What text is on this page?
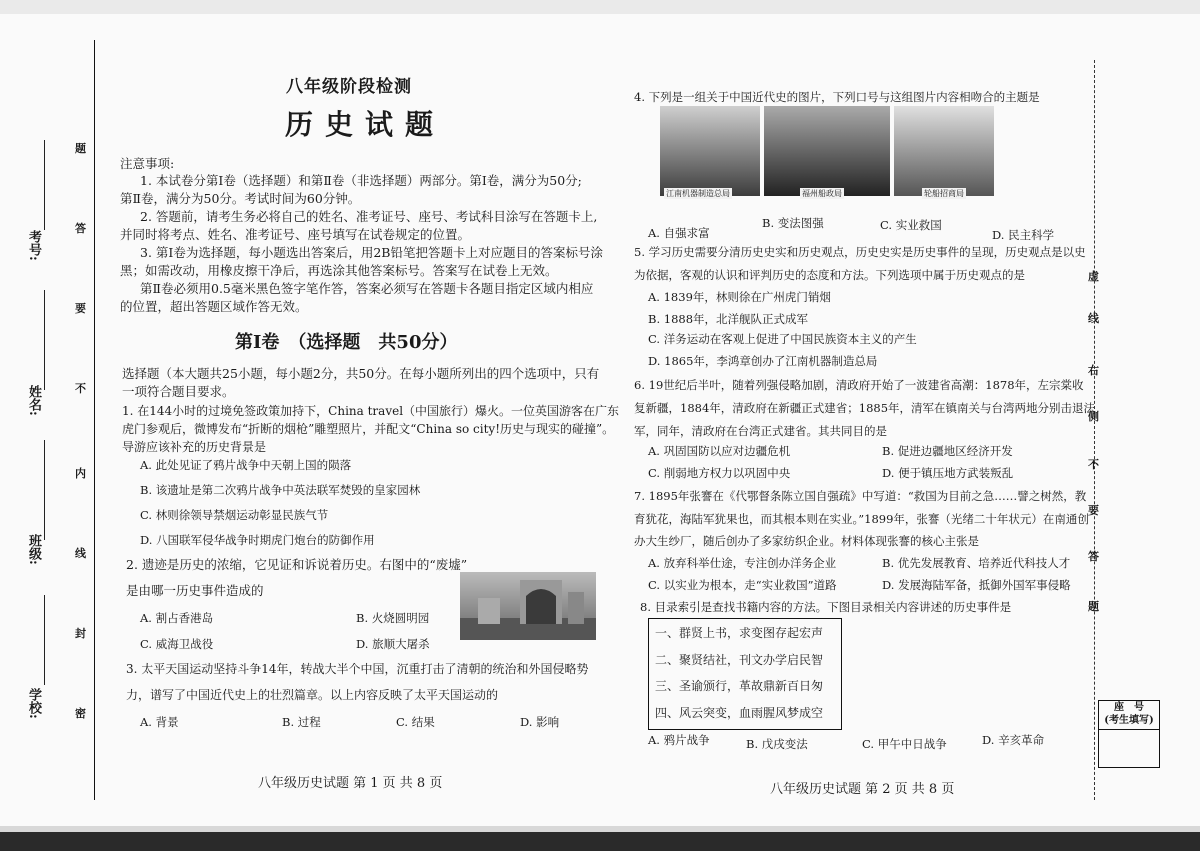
考号:
姓名:
班级:
学校:
题
答
要
不
内
线
封
密
八年级阶段检测
历史试题
注意事项:
1. 本试卷分第Ⅰ卷（选择题）和第Ⅱ卷（非选择题）两部分。第Ⅰ卷，满分为50分;
第Ⅱ卷，满分为50分。考试时间为60分钟。
2. 答题前，请考生务必将自己的姓名、准考证号、座号、考试科目涂写在答题卡上,
并同时将考点、姓名、准考证号、座号填写在试卷规定的位置。
3. 第Ⅰ卷为选择题，每小题选出答案后，用2B铅笔把答题卡上对应题目的答案标号涂
黑；如需改动，用橡皮擦干净后，再选涂其他答案标号。答案写在试卷上无效。
第Ⅱ卷必须用0.5毫米黑色签字笔作答，答案必须写在答题卡各题目指定区域内相应
的位置，超出答题区域作答无效。
第Ⅰ卷　（选择题　共50分）
选择题（本大题共25小题，每小题2分，共50分。在每小题所列出的四个选项中，只有
一项符合题目要求。
1. 在144小时的过境免签政策加持下，China travel（中国旅行）爆火。一位英国游客在广东
虎门参观后，微博发布“折断的烟枪”雕塑照片，并配文“China so city!历史与现实的碰撞”。
导游应该补充的历史背景是
A. 此处见证了鸦片战争中天朝上国的陨落
B. 该遗址是第二次鸦片战争中英法联军焚毁的皇家园林
C. 林则徐领导禁烟运动彰显民族气节
D. 八国联军侵华战争时期虎门炮台的防御作用
2. 遗迹是历史的浓缩，它见证和诉说着历史。右图中的“废墟”
是由哪一历史事件造成的
A. 割占香港岛	B. 火烧圆明园
C. 威海卫战役	D. 旅顺大屠杀
3. 太平天国运动坚持斗争14年，转战大半个中国，沉重打击了清朝的统治和外国侵略势
力，谱写了中国近代史上的壮烈篇章。以上内容反映了太平天国运动的
A. 背景	B. 过程	C. 结果	D. 影响
八年级历史试题 第 1 页 共 8 页
4. 下列是一组关于中国近代史的图片，下列口号与这组图片内容相吻合的主题是
江南机器制造总局	福州船政局	轮船招商局
A. 自强求富
B. 变法图强	C. 实业救国
D. 民主科学
5. 学习历史需要分清历史史实和历史观点，历史史实是历史事件的呈现，历史观点是以史
为依据，客观的认识和评判历史的态度和方法。下列选项中属于历史观点的是
A. 1839年，林则徐在广州虎门销烟
B. 1888年，北洋舰队正式成军
C. 洋务运动在客观上促进了中国民族资本主义的产生
D. 1865年，李鸿章创办了江南机器制造总局
6. 19世纪后半叶，随着列强侵略加剧，清政府开始了一波建省高潮：1878年，左宗棠收
复新疆，1884年，清政府在新疆正式建省；1885年，清军在镇南关与台湾两地分别击退法
军，同年，清政府在台湾正式建省。其共同目的是
A. 巩固国防以应对边疆危机	B. 促进边疆地区经济开发
C. 削弱地方权力以巩固中央	D. 便于镇压地方武装叛乱
7. 1895年张謇在《代鄂督条陈立国自强疏》中写道：“救国为目前之急……譬之树然，教
育犹花，海陆军犹果也，而其根本则在实业。”1899年，张謇（光绪二十年状元）在南通创
办大生纱厂，随后创办了多家纺织企业。材料体现张謇的核心主张是
A. 放弃科举仕途，专注创办洋务企业	B. 优先发展教育、培养近代科技人才
C. 以实业为根本，走“实业救国”道路	D. 发展海陆军备，抵御外国军事侵略
8. 目录索引是查找书籍内容的方法。下图目录相关内容讲述的历史事件是
一、群贤上书，求变图存起宏声
二、聚贤结社，刊文办学启民智
三、圣谕颁行，革故鼎新百日匆
四、风云突变，血雨腥风梦成空
A. 鸦片战争	B. 戊戌变法	C. 甲午中日战争	D. 辛亥革命
八年级历史试题 第 2 页 共 8 页
虚
线
右
侧
不
要
答
题
座　号
(考生填写)
